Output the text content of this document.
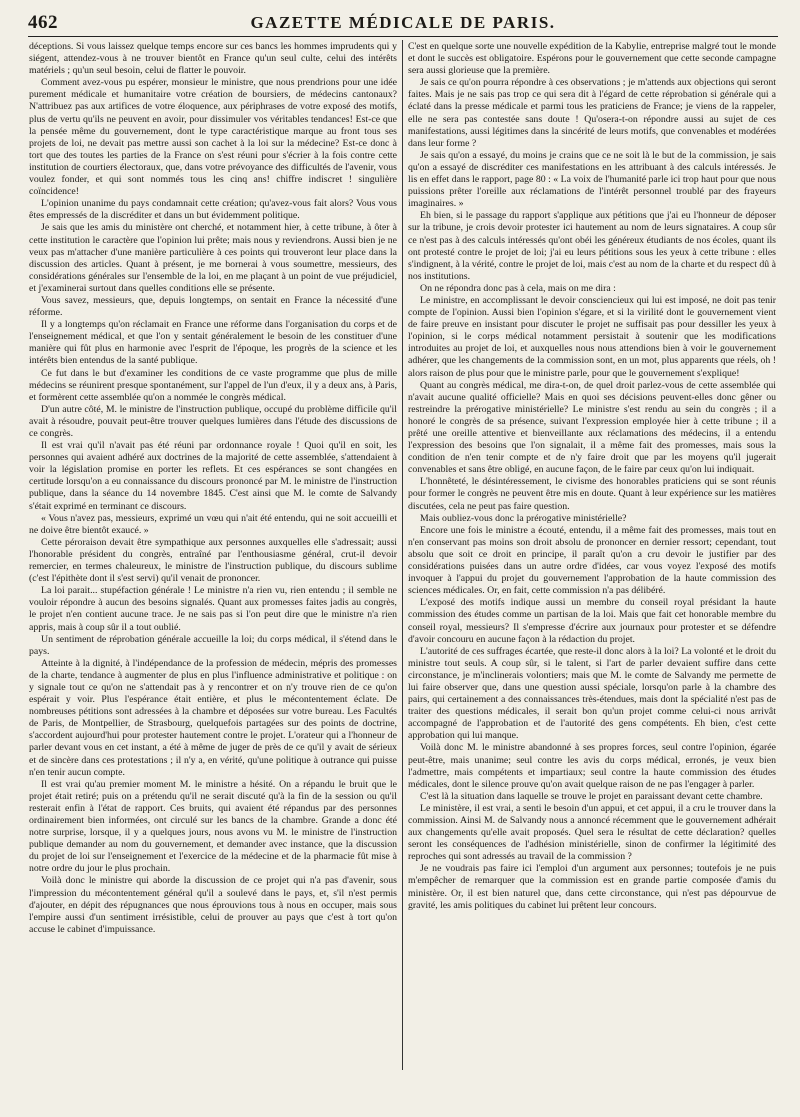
462	GAZETTE MÉDICALE DE PARIS.

déceptions. Si vous laissez quelque temps encore sur ces bancs les hommes imprudents qui y siégent, attendez-vous à ne trouver bientôt en France qu'un seul culte, celui des intérêts matériels ; qu'un seul besoin, celui de flatter le pouvoir.

Comment avez-vous pu espérer, monsieur le ministre, que nous prendrions pour une idée purement médicale et humanitaire votre création de boursiers, de médecins cantonaux? N'attribuez pas aux artifices de votre éloquence, aux périphrases de votre exposé des motifs, plus de vertu qu'ils ne peuvent en avoir, pour dissimuler vos véritables tendances! Est-ce que la pensée même du gouvernement, dont le type caractéristique marque au front tous ses projets de loi, ne devait pas mettre aussi son cachet à la loi sur la médecine? Est-ce donc à tort que des toutes les parties de la France on s'est réuni pour s'écrier à la fois contre cette institution de courtiers électoraux, que, dans votre prévoyance des difficultés de l'avenir, vous voulez fonder, et qui sont nommés tous les cinq ans! chiffre indiscret ! singulière coïncidence!

L'opinion unanime du pays condamnait cette création; qu'avez-vous fait alors? Vous vous êtes empressés de la discréditer et dans un but évidemment politique.

Je sais que les amis du ministère ont cherché, et notamment hier, à cette tribune, à ôter à cette institution le caractère que l'opinion lui prête; mais nous y reviendrons. Aussi bien je ne veux pas m'attacher d'une manière particulière à ces points qui trouveront leur place dans la discussion des articles. Quant à présent, je me bornerai à vous soumettre, messieurs, des considérations générales sur l'ensemble de la loi, en me plaçant à un point de vue préjudiciel, et j'examinerai surtout dans quelles conditions elle se présente.

Vous savez, messieurs, que, depuis longtemps, on sentait en France la nécessité d'une réforme.

Il y a longtemps qu'on réclamait en France une réforme dans l'organisation du corps et de l'enseignement médical, et que l'on y sentait généralement le besoin de les constituer d'une manière qui fût plus en harmonie avec l'esprit de l'époque, les progrès de la science et les intérêts bien entendus de la santé publique.

Ce fut dans le but d'examiner les conditions de ce vaste programme que plus de mille médecins se réunirent presque spontanément, sur l'appel de l'un d'eux, il y a deux ans, à Paris, et formèrent cette assemblée qu'on a nommée le congrès médical.

D'un autre côté, M. le ministre de l'instruction publique, occupé du problème difficile qu'il avait à résoudre, pouvait peut-être trouver quelques lumières dans l'étude des discussions de ce congrès.

Il est vrai qu'il n'avait pas été réuni par ordonnance royale ! Quoi qu'il en soit, les personnes qui avaient adhéré aux doctrines de la majorité de cette assemblée, s'attendaient à voir la législation promise en porter les reflets. Et ces espérances se sont changées en certitude lorsqu'on a eu connaissance du discours prononcé par M. le ministre de l'instruction publique, dans la séance du 14 novembre 1845. C'est ainsi que M. le comte de Salvandy s'était exprimé en terminant ce discours.

« Vous n'avez pas, messieurs, exprimé un vœu qui n'ait été entendu, qui ne soit accueilli et ne doive être bientôt exaucé. »

Cette péroraison devait être sympathique aux personnes auxquelles elle s'adressait; aussi l'honorable président du congrès, entraîné par l'enthousiasme général, crut-il devoir remercier, en termes chaleureux, le ministre de l'instruction publique, du discours sublime (c'est l'épithète dont il s'est servi) qu'il venait de prononcer.

La loi parait... stupéfaction générale ! Le ministre n'a rien vu, rien entendu ; il semble ne vouloir répondre à aucun des besoins signalés. Quant aux promesses faites jadis au congrès, le projet n'en contient aucune trace. Je ne sais pas si l'on peut dire que le ministre n'a rien appris, mais à coup sûr il a tout oublié.

Un sentiment de réprobation générale accueille la loi; du corps médical, il s'étend dans le pays.

Atteinte à la dignité, à l'indépendance de la profession de médecin, mépris des promesses de la charte, tendance à augmenter de plus en plus l'influence administrative et politique : on y signale tout ce qu'on ne s'attendait pas à y rencontrer et on n'y trouve rien de ce qu'on espérait y voir. Plus l'espérance était entière, et plus le mécontentement éclate. De nombreuses pétitions sont adressées à la chambre et déposées sur votre bureau. Les Facultés de Paris, de Montpellier, de Strasbourg, quelquefois partagées sur des points de doctrine, s'accordent aujourd'hui pour protester hautement contre le projet. L'orateur qui a l'honneur de parler devant vous en cet instant, a été à même de juger de près de ce qu'il y avait de sérieux et de sincère dans ces protestations ; il n'y a, en vérité, qu'une politique à outrance qui puisse n'en tenir aucun compte.

Il est vrai qu'au premier moment M. le ministre a hésité. On a répandu le bruit que le projet était retiré; puis on a prétendu qu'il ne serait discuté qu'à la fin de la session ou qu'il resterait enfin à l'état de rapport. Ces bruits, qui avaient été répandus par des personnes ordinairement bien informées, ont circulé sur les bancs de la chambre. Grande a donc été notre surprise, lorsque, il y a quelques jours, nous avons vu M. le ministre de l'instruction publique demander au nom du gouvernement, et demander avec instance, que la discussion du projet de loi sur l'enseignement et l'exercice de la médecine et de la pharmacie fût mise à notre ordre du jour le plus prochain.

Voilà donc le ministre qui aborde la discussion de ce projet qui n'a pas d'avenir, sous l'impression du mécontentement général qu'il a soulevé dans le pays, et, s'il n'est permis d'ajouter, en dépit des répugnances que nous éprouvions tous à nous en occuper, mais sous l'empire aussi d'un sentiment irrésistible, celui de prouver au pays que c'est à tort qu'on accuse le cabinet d'impuissance.

C'est en quelque sorte une nouvelle expédition de la Kabylie, entreprise malgré tout le monde et dont le succès est obligatoire. Espérons pour le gouvernement que cette seconde campagne sera aussi glorieuse que la première.

Je sais ce qu'on pourra répondre à ces observations ; je m'attends aux objections qui seront faites. Mais je ne sais pas trop ce qui sera dit à l'égard de cette réprobation si générale qui a éclaté dans la presse médicale et parmi tous les praticiens de France; je viens de la rappeler, elle ne sera pas contestée sans doute ! Qu'osera-t-on répondre aussi au sujet de ces manifestations, aussi légitimes dans la sincérité de leurs motifs, que convenables et modérées dans leur forme ?

Je sais qu'on a essayé, du moins je crains que ce ne soit là le but de la commission, je sais qu'on a essayé de discréditer ces manifestations en les attribuant à des calculs intéressés. Je lis en effet dans le rapport, page 80 : « La voix de l'humanité parle ici trop haut pour que nous puissions prêter l'oreille aux réclamations de l'intérêt personnel troublé par des frayeurs imaginaires. »

Eh bien, si le passage du rapport s'applique aux pétitions que j'ai eu l'honneur de déposer sur la tribune, je crois devoir protester ici hautement au nom de leurs signataires. A coup sûr ce n'est pas à des calculs intéressés qu'ont obéi les généreux étudiants de nos écoles, quant ils ont protesté contre le projet de loi; j'ai eu leurs pétitions sous les yeux à cette tribune : elles s'indignent, à la vérité, contre le projet de loi, mais c'est au nom de la charte et du respect dû à nos institutions.

On ne répondra donc pas à cela, mais on me dira :

Le ministre, en accomplissant le devoir consciencieux qui lui est imposé, ne doit pas tenir compte de l'opinion. Aussi bien l'opinion s'égare, et si la virilité dont le gouvernement vient de faire preuve en insistant pour discuter le projet ne suffisait pas pour dessiller les yeux à l'opinion, si le corps médical notamment persistait à soutenir que les modifications introduites au projet de loi, et auxquelles nous nous attendions bien à voir le gouvernement adhérer, que les changements de la commission sont, en un mot, plus apparents que réels, oh ! alors raison de plus pour que le ministre parle, pour que le gouvernement s'explique!

Quant au congrès médical, me dira-t-on, de quel droit parlez-vous de cette assemblée qui n'avait aucune qualité officielle? Mais en quoi ses décisions peuvent-elles donc gêner ou restreindre la prérogative ministérielle? Le ministre s'est rendu au sein du congrès ; il a honoré le congrès de sa présence, suivant l'expression employée hier à cette tribune ; il a prêté une oreille attentive et bienveillante aux réclamations des médecins, il a entendu l'expression des besoins que l'on signalait, il a même fait des promesses, mais sous la condition de n'en tenir compte et de n'y faire droit que par les moyens qu'il jugerait convenables et sans être obligé, en aucune façon, de le faire par ceux qu'on lui indiquait.

L'honnêteté, le désintéressement, le civisme des honorables praticiens qui se sont réunis pour former le congrès ne peuvent être mis en doute. Quant à leur expérience sur les matières discutées, cela ne peut pas faire question.

Mais oubliez-vous donc la prérogative ministérielle?

Encore une fois le ministre a écouté, entendu, il a même fait des promesses, mais tout en n'en conservant pas moins son droit absolu de prononcer en dernier ressort; cependant, tout absolu que soit ce droit en principe, il paraît qu'on a cru devoir le justifier par des considérations puisées dans un autre ordre d'idées, car vous voyez l'exposé des motifs invoquer à l'appui du projet du gouvernement l'approbation de la haute commission des sciences médicales. Or, en fait, cette commission n'a pas délibéré.

L'exposé des motifs indique aussi un membre du conseil royal présidant la haute commission des études comme un partisan de la loi. Mais que fait cet honorable membre du conseil royal, messieurs? Il s'empresse d'écrire aux journaux pour protester et se défendre d'avoir concouru en aucune façon à la rédaction du projet.

L'autorité de ces suffrages écartée, que reste-il donc alors à la loi? La volonté et le droit du ministre tout seuls. A coup sûr, si le talent, si l'art de parler devaient suffire dans cette circonstance, je m'inclinerais volontiers; mais que M. le comte de Salvandy me permette de lui faire observer que, dans une question aussi spéciale, lorsqu'on parle à la chambre des pairs, qui certainement a des connaissances très-étendues, mais dont la spécialité n'est pas de traiter des questions médicales, il serait bon qu'un projet comme celui-ci nous arrivât accompagné de l'approbation et de l'autorité des gens compétents. Eh bien, c'est cette approbation qui lui manque.

Voilà donc M. le ministre abandonné à ses propres forces, seul contre l'opinion, égarée peut-être, mais unanime; seul contre les avis du corps médical, erronés, je veux bien l'admettre, mais compétents et impartiaux; seul contre la haute commission des études médicales, dont le silence prouve qu'on avait quelque raison de ne pas l'engager à parler.

C'est là la situation dans laquelle se trouve le projet en paraissant devant cette chambre.

Le ministère, il est vrai, a senti le besoin d'un appui, et cet appui, il a cru le trouver dans la commission. Ainsi M. de Salvandy nous a annoncé récemment que le gouvernement adhérait aux changements qu'elle avait proposés. Quel sera le résultat de cette déclaration? quelles seront les conséquences de l'adhésion ministérielle, sinon de confirmer la légitimité des reproches qui sont adressés au travail de la commission ?

Je ne voudrais pas faire ici l'emploi d'un argument aux personnes; toutefois je ne puis m'empêcher de remarquer que la commission est en grande partie composée d'amis du ministère. Or, il est bien naturel que, dans cette circonstance, qui n'est pas dépourvue de gravité, les amis politiques du cabinet lui prêtent leur concours.
